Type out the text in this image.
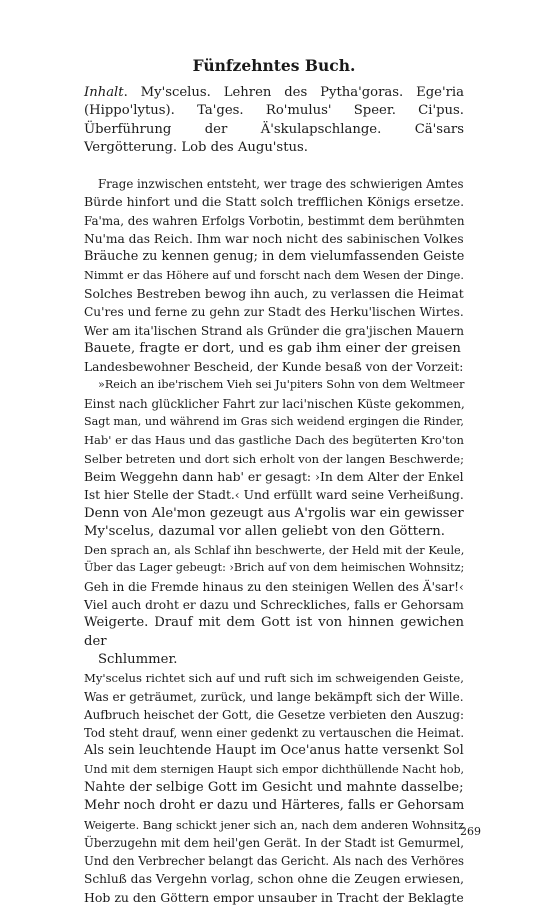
Fünfzehntes Buch.

Inhalt. My'scelus. Lehren des Pytha'goras. Ege'ria (Hippo'lytus). Ta'ges. Ro'mulus' Speer. Ci'pus. Überführung der Ä'skulapschlange. Cä'sars Vergötterung. Lob des Augu'stus.

Frage inzwischen entsteht, wer trage des schwierigen Amtes
Bürde hinfort und die Statt solch trefflichen Königs ersetze.
Fa'ma, des wahren Erfolgs Vorbotin, bestimmt dem berühmten
Nu'ma das Reich. Ihm war noch nicht des sabinischen Volkes
Bräuche zu kennen genug; in dem vielumfassenden Geiste
Nimmt er das Höhere auf und forscht nach dem Wesen der Dinge.
Solches Bestreben bewog ihn auch, zu verlassen die Heimat
Cu'res und ferne zu gehn zur Stadt des Herku'lischen Wirtes.
Wer am ita'lischen Strand als Gründer die gra'jischen Mauern
Bauete, fragte er dort, und es gab ihm einer der greisen
Landesbewohner Bescheid, der Kunde besaß von der Vorzeit:
»Reich an ibe'rischem Vieh sei Ju'piters Sohn von dem Weltmeer
Einst nach glücklicher Fahrt zur laci'nischen Küste gekommen,
Sagt man, und während im Gras sich weidend ergingen die Rinder,
Hab' er das Haus und das gastliche Dach des begüterten Kro'ton
Selber betreten und dort sich erholt von der langen Beschwerde;
Beim Weggehn dann hab' er gesagt: ›In dem Alter der Enkel
Ist hier Stelle der Stadt.‹ Und erfüllt ward seine Verheißung.
Denn von Ale'mon gezeugt aus A'rgolis war ein gewisser
My'scelus, dazumal vor allen geliebt von den Göttern.
Den sprach an, als Schlaf ihn beschwerte, der Held mit der Keule,
Über das Lager gebeugt: ›Brich auf von dem heimischen Wohnsitz;
Geh in die Fremde hinaus zu den steinigen Wellen des Ä'sar!‹
Viel auch droht er dazu und Schreckliches, falls er Gehorsam
Weigerte. Drauf mit dem Gott ist von hinnen gewichen der
Schlummer.
My'scelus richtet sich auf und ruft sich im schweigenden Geiste,
Was er geträumet, zurück, und lange bekämpft sich der Wille.
Aufbruch heischet der Gott, die Gesetze verbieten den Auszug:
Tod steht drauf, wenn einer gedenkt zu vertauschen die Heimat.
Als sein leuchtende Haupt im Oce'anus hatte versenkt Sol
Und mit dem sternigen Haupt sich empor dichthüllende Nacht hob,
Nahte der selbige Gott im Gesicht und mahnte dasselbe;
Mehr noch droht er dazu und Härteres, falls er Gehorsam
Weigerte. Bang schickt jener sich an, nach dem anderen Wohnsitz
Überzugehn mit dem heil'gen Gerät. In der Stadt ist Gemurmel,
Und den Verbrecher belangt das Gericht. Als nach des Verhöres
Schluß das Vergehn vorlag, schon ohne die Zeugen erwiesen,
Hob zu den Göttern empor unsauber in Tracht der Beklagte
269
